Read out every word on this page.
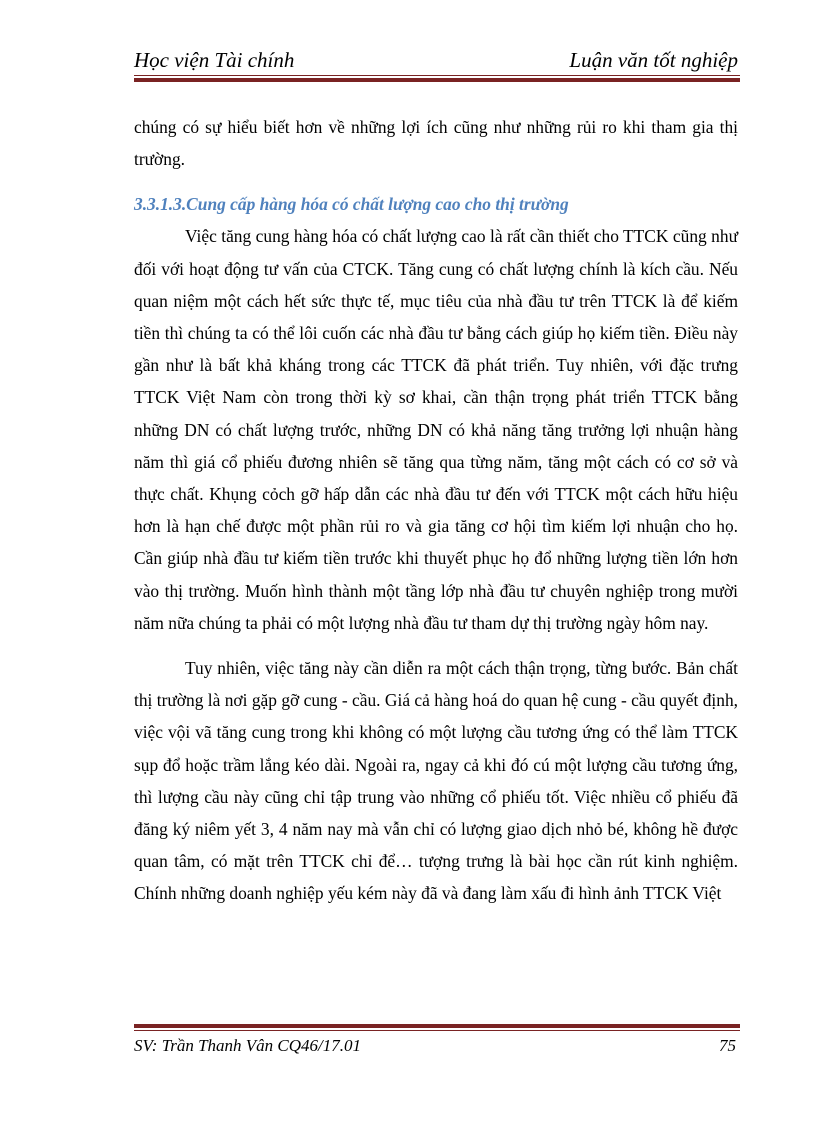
Học viện Tài chính	Luận văn tốt nghiệp

chúng có sự hiểu biết hơn về những lợi ích cũng như những rủi ro khi tham gia thị trường.

3.3.1.3.Cung cấp hàng hóa có chất lượng cao cho thị trường

Việc tăng cung hàng hóa có chất lượng cao là rất cần thiết cho TTCK cũng như đối với hoạt động tư vấn của CTCK. Tăng cung có chất lượng chính là kích cầu. Nếu quan niệm một cách hết sức thực tế, mục tiêu của nhà đầu tư trên TTCK là để kiếm tiền thì chúng ta có thể lôi cuốn các nhà đầu tư bằng cách giúp họ kiếm tiền. Điều này gần như là bất khả kháng trong các TTCK đã phát triển. Tuy nhiên, với đặc trưng TTCK Việt Nam còn trong thời kỳ sơ khai, cần thận trọng phát triển TTCK bằng những DN có chất lượng trước, những DN có khả năng tăng trưởng lợi nhuận hàng năm thì giá cổ phiếu đương nhiên sẽ tăng qua từng năm, tăng một cách có cơ sở và thực chất. Khụng cỏch gỡ hấp dẫn các nhà đầu tư đến với TTCK một cách hữu hiệu hơn là hạn chế được một phần rủi ro và gia tăng cơ hội tìm kiếm lợi nhuận cho họ. Cần giúp nhà đầu tư kiếm tiền trước khi thuyết phục họ đổ những lượng tiền lớn hơn vào thị trường. Muốn hình thành một tầng lớp nhà đầu tư chuyên nghiệp trong mười năm nữa chúng ta phải có một lượng nhà đầu tư tham dự thị trường ngày hôm nay.

Tuy nhiên, việc tăng này cần diễn ra một cách thận trọng, từng bước. Bản chất thị trường là nơi gặp gỡ cung - cầu. Giá cả hàng hoá do quan hệ cung - cầu quyết định, việc vội vã tăng cung trong khi không có một lượng cầu tương ứng có thể làm TTCK sụp đổ hoặc trầm lắng kéo dài. Ngoài ra, ngay cả khi đó cú một lượng cầu tương ứng, thì lượng cầu này cũng chỉ tập trung vào những cổ phiếu tốt. Việc nhiều cổ phiếu đã đăng ký niêm yết 3, 4 năm nay mà vẫn chỉ có lượng giao dịch nhỏ bé, không hề được quan tâm, có mặt trên TTCK chỉ để… tượng trưng là bài học cần rút kinh nghiệm. Chính những doanh nghiệp yếu kém này đã và đang làm xấu đi hình ảnh TTCK Việt

SV: Trần Thanh Vân CQ46/17.01	75
